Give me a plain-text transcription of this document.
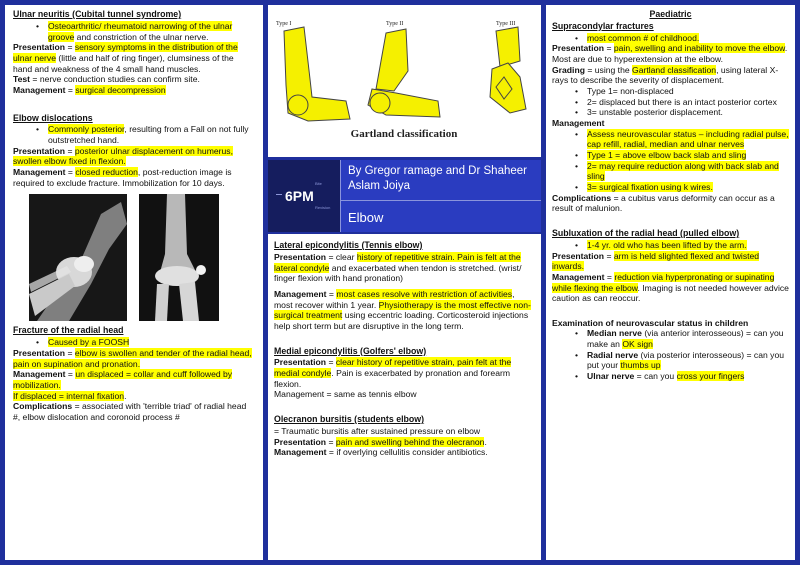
Ulnar neuritis (Cubital tunnel syndrome)
• Osteoarthritic/ rheumatoid narrowing of the ulnar groove and constriction of the ulnar nerve.

Presentation = sensory symptoms in the distribution of the ulnar nerve (little and half of ring finger), clumsiness of the hand and weakness of the 4 small hand muscles.

Test = nerve conduction studies can confirm site.

Management = surgical decompression

Elbow dislocations
• Commonly posterior, resulting from a Fall on not fully outstretched hand.

Presentation = posterior ulnar displacement on humerus, swollen elbow fixed in flexion.

Management = closed reduction, post-reduction image is required to exclude fracture. Immobilization for 10 days.

Fracture of the radial head
• Caused by a FOOSH

Presentation = elbow is swollen and tender of the radial head, pain on supination and pronation.

Management = un displaced = collar and cuff followed by mobilization.
If displaced = internal fixation.

Complications = associated with 'terrible triad' of radial head #, elbow dislocation and coronoid process #

Type I	Type II	Type III
Gartland classification
Bite
6PM
Revision
By Gregor ramage and Dr Shaheer Aslam Joiya
Elbow
Lateral epicondylitis (Tennis elbow)

Presentation = clear history of repetitive strain. Pain is felt at the lateral condyle and exacerbated when tendon is stretched. (wrist/ finger flexion with hand pronation)

Management = most cases resolve with restriction of activities, most recover within 1 year. Physiotherapy is the most effective non-surgical treatment using eccentric loading. Corticosteroid injections help short term but are disruptive in the long term.

Medial epicondylitis (Golfers' elbow)

Presentation = clear history of repetitive strain, pain felt at the medial condyle. Pain is exacerbated by pronation and forearm flexion.

Management = same as tennis elbow

Olecranon bursitis (students elbow)

= Traumatic bursitis after sustained pressure on elbow

Presentation = pain and swelling behind the olecranon.

Management = if overlying cellulitis consider antibiotics.

Paediatric
Supracondylar fractures
• most common # of childhood.

Presentation = pain, swelling and inability to move the elbow. Most are due to hyperextension at the elbow.

Grading = using the Gartland classification, using lateral X-rays to describe the severity of displacement.

• Type 1= non-displaced
• 2= displaced but there is an intact posterior cortex
• 3= unstable posterior displacement.

Management

• Assess neurovascular status – including radial pulse, cap refill, radial, median and ulnar nerves
• Type 1 = above elbow back slab and sling
• 2= may require reduction along with back slab and sling
• 3= surgical fixation using k wires.

Complications = a cubitus varus deformity can occur as a result of malunion.

Subluxation of the radial head (pulled elbow)
• 1-4 yr. old who has been lifted by the arm.

Presentation = arm is held slighted flexed and twisted inwards.

Management = reduction via hyperpronating or supinating while flexing the elbow. Imaging is not needed however advice caution as can reoccur.

Examination of neurovascular status in children

• Median nerve (via anterior interosseous) = can you make an OK sign
• Radial nerve (via posterior interosseous) = can you put your thumbs up
• Ulnar nerve = can you cross your fingers
